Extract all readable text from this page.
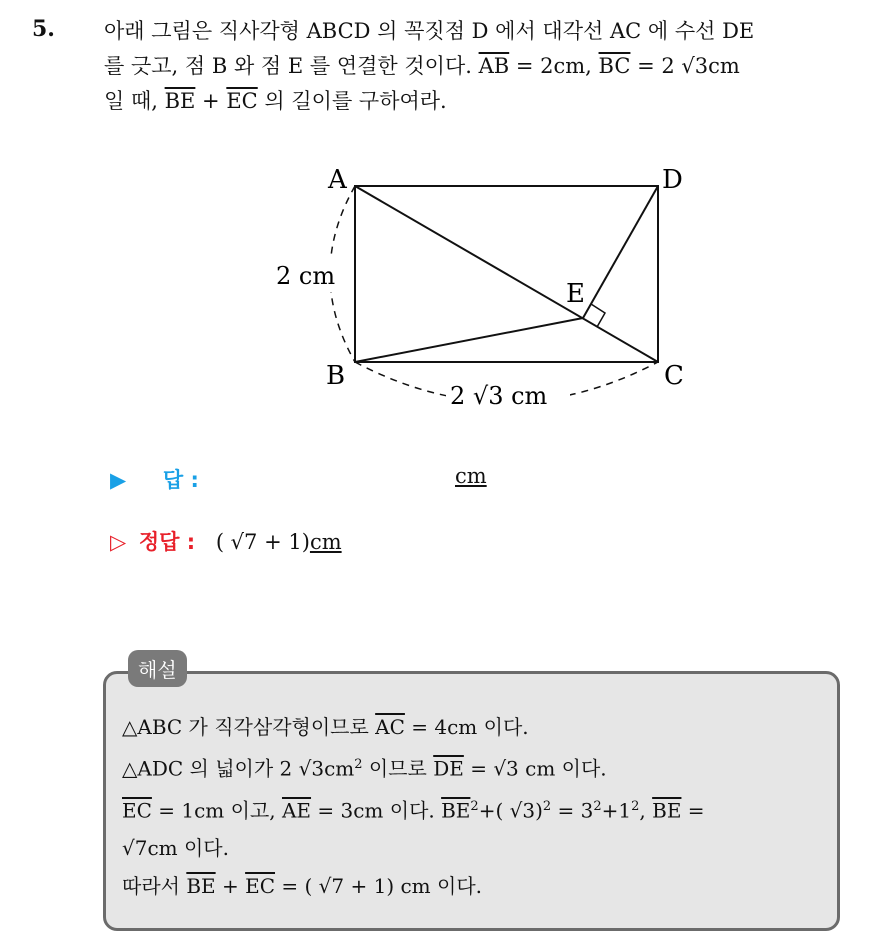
5. 아래 그림은 직사각형 ABCD 의 꼭짓점 D 에서 대각선 AC 에 수선 DE
를 긋고, 점 B 와 점 E 를 연결한 것이다. $\overline{AB} = 2cm$, $\overline{BC} = 2$ √3cm
일 때, $\overline{BE} + \overline{EC}$ 의 길이를 구하여라.
A	D
B	C
E
2 cm
2 √3 cm
▶ 답 :	cm
▷ 정답 : ( √7 + 1)cm
해설
△ABC 가 직각삼각형이므로 $\overline{AC} = 4cm$ 이다.
△ADC 의 넓이가 2 $√3cm^2$ 이므로 $\overline{DE} = √3$ cm 이다.
$\overline{EC} = 1cm$ 이고, $\overline{AE} = 3cm$ 이다. $\overline{BE}^2+$( $√3)^2 = 3^2+1^2$, $\overline{BE}$ =
√7cm 이다.
따라서 $\overline{BE} + \overline{EC}$ = ( √7 + 1) cm 이다.
